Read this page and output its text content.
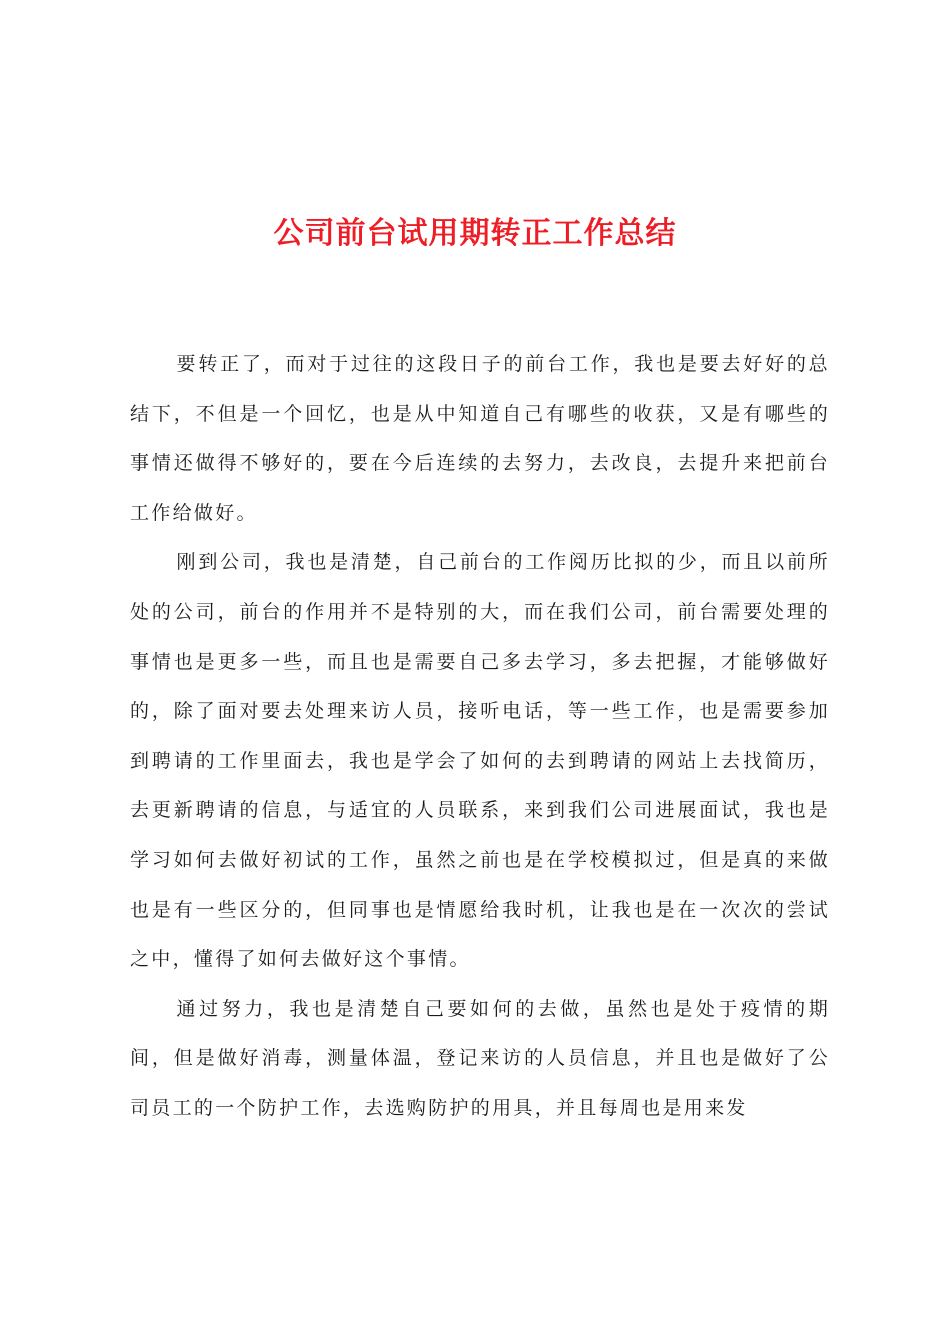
公司前台试用期转正工作总结

要转正了，而对于过往的这段日子的前台工作，我也是要去好好的总结下，不但是一个回忆，也是从中知道自己有哪些的收获，又是有哪些的事情还做得不够好的，要在今后连续的去努力，去改良，去提升来把前台工作给做好。

刚到公司，我也是清楚，自己前台的工作阅历比拟的少，而且以前所处的公司，前台的作用并不是特别的大，而在我们公司，前台需要处理的事情也是更多一些，而且也是需要自己多去学习，多去把握，才能够做好的，除了面对要去处理来访人员，接听电话，等一些工作，也是需要参加到聘请的工作里面去，我也是学会了如何的去到聘请的网站上去找简历，去更新聘请的信息，与适宜的人员联系，来到我们公司进展面试，我也是学习如何去做好初试的工作，虽然之前也是在学校模拟过，但是真的来做也是有一些区分的，但同事也是情愿给我时机，让我也是在一次次的尝试之中，懂得了如何去做好这个事情。

通过努力，我也是清楚自己要如何的去做，虽然也是处于疫情的期间，但是做好消毒，测量体温，登记来访的人员信息，并且也是做好了公司员工的一个防护工作，去选购防护的用具，并且每周也是用来发
